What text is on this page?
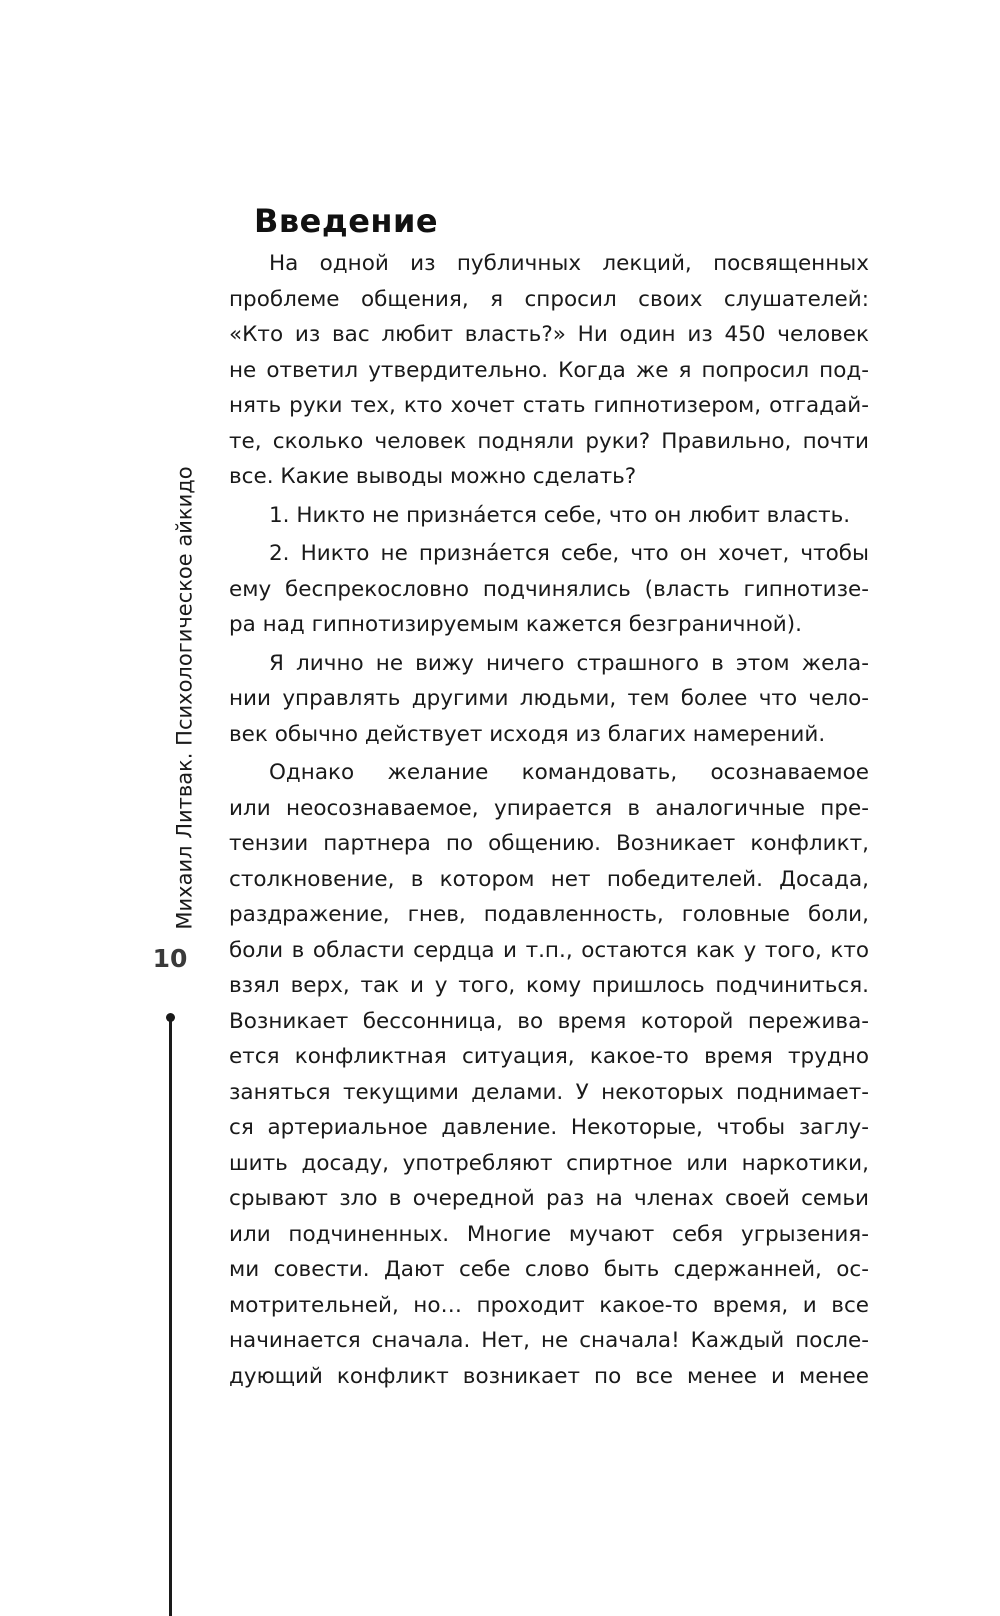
Михаил Литвак. Психологическое айкидо
10
Введение

На одной из публичных лекций, посвященных
проблеме общения, я спросил своих слушателей:
«Кто из вас любит власть?» Ни один из 450 человек
не ответил утвердительно. Когда же я попросил под-
нять руки тех, кто хочет стать гипнотизером, отгадай-
те, сколько человек подняли руки? Правильно, почти
все. Какие выводы можно сделать?

1. Никто не признáется себе, что он любит власть.

2. Никто не признáется себе, что он хочет, чтобы
ему беспрекословно подчинялись (власть гипнотизе-
ра над гипнотизируемым кажется безграничной).

Я лично не вижу ничего страшного в этом жела-
нии управлять другими людьми, тем более что чело-
век обычно действует исходя из благих намерений.

Однако желание командовать, осознаваемое
или неосознаваемое, упирается в аналогичные пре-
тензии партнера по общению. Возникает конфликт,
столкновение, в котором нет победителей. Досада,
раздражение, гнев, подавленность, головные боли,
боли в области сердца и т.п., остаются как у того, кто
взял верх, так и у того, кому пришлось подчиниться.
Возникает бессонница, во время которой пережива-
ется конфликтная ситуация, какое-то время трудно
заняться текущими делами. У некоторых поднимает-
ся артериальное давление. Некоторые, чтобы заглу-
шить досаду, употребляют спиртное или наркотики,
срывают зло в очередной раз на членах своей семьи
или подчиненных. Многие мучают себя угрызения-
ми совести. Дают себе слово быть сдержанней, ос-
мотрительней, но… проходит какое-то время, и все
начинается сначала. Нет, не сначала! Каждый после-
дующий конфликт возникает по все менее и менее
